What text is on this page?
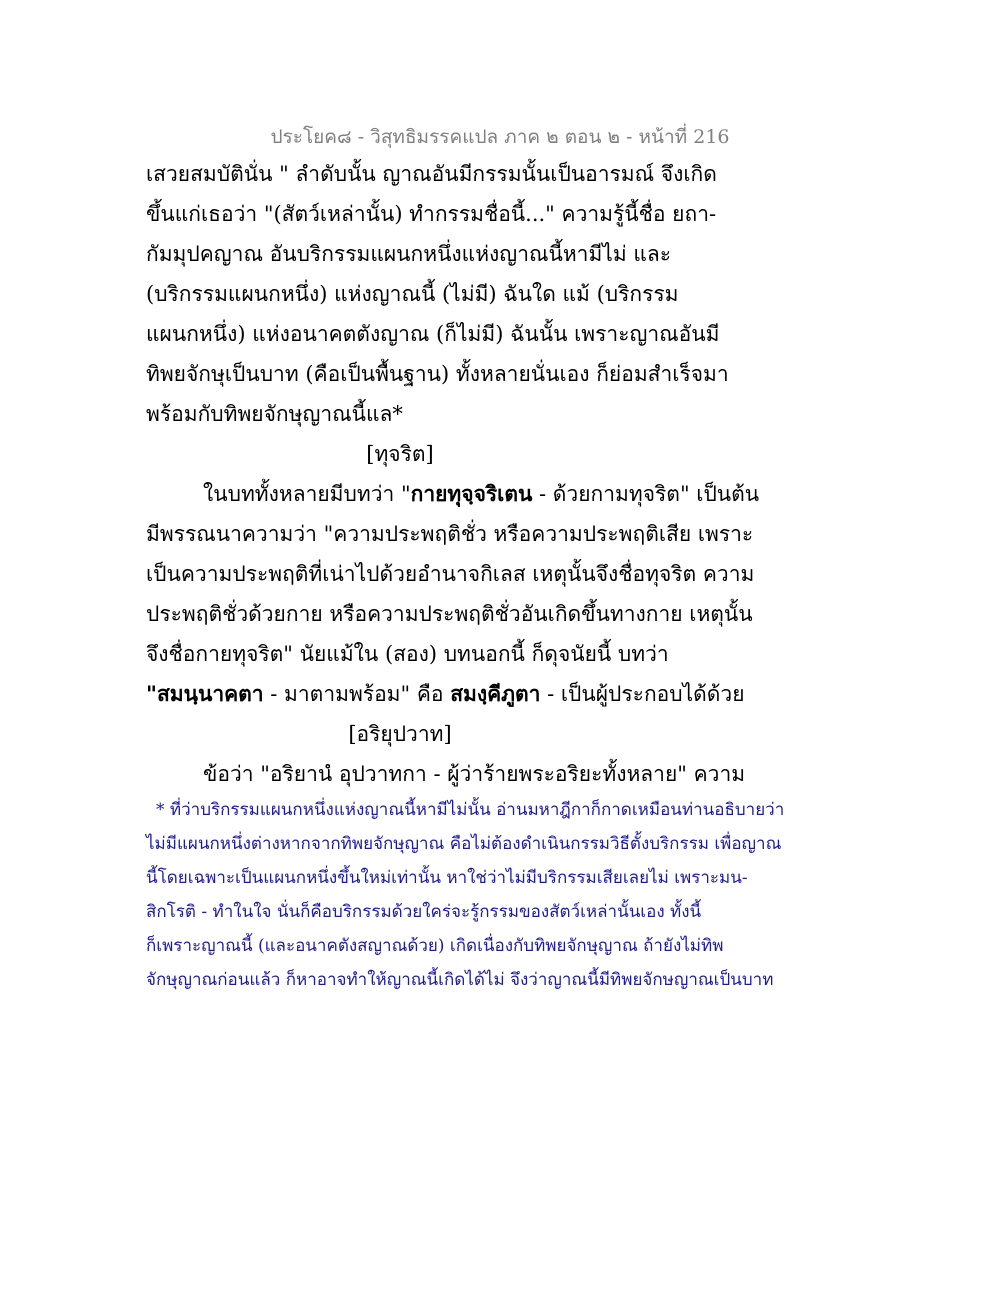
ประโยค๘ - วิสุทธิมรรคแปล ภาค ๒ ตอน ๒ - หน้าที่ 216
เสวยสมบัตินั่น " ลำดับนั้น ญาณอันมีกรรมนั้นเป็นอารมณ์ จึงเกิด
ขึ้นแก่เธอว่า "(สัตว์เหล่านั้น) ทำกรรมชื่อนี้..." ความรู้นี้ชื่อ ยถา-
กัมมุปคญาณ อันบริกรรมแผนกหนึ่งแห่งญาณนี้หามีไม่ และ
(บริกรรมแผนกหนึ่ง) แห่งญาณนี้ (ไม่มี) ฉันใด แม้ (บริกรรม
แผนกหนึ่ง) แห่งอนาคตตังญาณ (ก็ไม่มี) ฉันนั้น เพราะญาณอันมี
ทิพยจักษุเป็นบาท (คือเป็นพื้นฐาน) ทั้งหลายนั่นเอง ก็ย่อมสำเร็จมา
พร้อมกับทิพยจักษุญาณนี้แล*
[ทุจริต]
ในบททั้งหลายมีบทว่า "กายทุจฺจริเตน - ด้วยกามทุจริต" เป็นต้น
มีพรรณนาความว่า "ความประพฤติชั่ว หรือความประพฤติเสีย เพราะ
เป็นความประพฤติที่เน่าไปด้วยอำนาจกิเลส เหตุนั้นจึงชื่อทุจริต ความ
ประพฤติชั่วด้วยกาย หรือความประพฤติชั่วอันเกิดขึ้นทางกาย เหตุนั้น
จึงชื่อกายทุจริต" นัยแม้ใน (สอง) บทนอกนี้ ก็ดุจนัยนี้ บทว่า
"สมนฺนาคตา - มาตามพร้อม" คือ สมงฺคีภูตา - เป็นผู้ประกอบได้ด้วย
[อริยุปวาท]
ข้อว่า "อริยานํ อุปวาทกา - ผู้ว่าร้ายพระอริยะทั้งหลาย" ความ
* ที่ว่าบริกรรมแผนกหนึ่งแห่งญาณนี้หามีไม่นั้น อ่านมหาฎีกาก็กาดเหมือนท่านอธิบายว่า
ไม่มีแผนกหนึ่งต่างหากจากทิพยจักษุญาณ คือไม่ต้องดำเนินกรรมวิธีตั้งบริกรรม เพื่อญาณ
นี้โดยเฉพาะเป็นแผนกหนึ่งขึ้นใหม่เท่านั้น หาใช่ว่าไม่มีบริกรรมเสียเลยไม่ เพราะมน-
สิกโรติ - ทำในใจ นั่นก็คือบริกรรมด้วยใคร่จะรู้กรรมของสัตว์เหล่านั้นเอง ทั้งนี้
ก็เพราะญาณนี้ (และอนาคตังสญาณด้วย) เกิดเนื่องกับทิพยจักษุญาณ ถ้ายังไม่ทิพ
จักษุญาณก่อนแล้ว ก็หาอาจทำให้ญาณนี้เกิดได้ไม่ จึงว่าญาณนี้มีทิพยจักษญาณเป็นบาท
